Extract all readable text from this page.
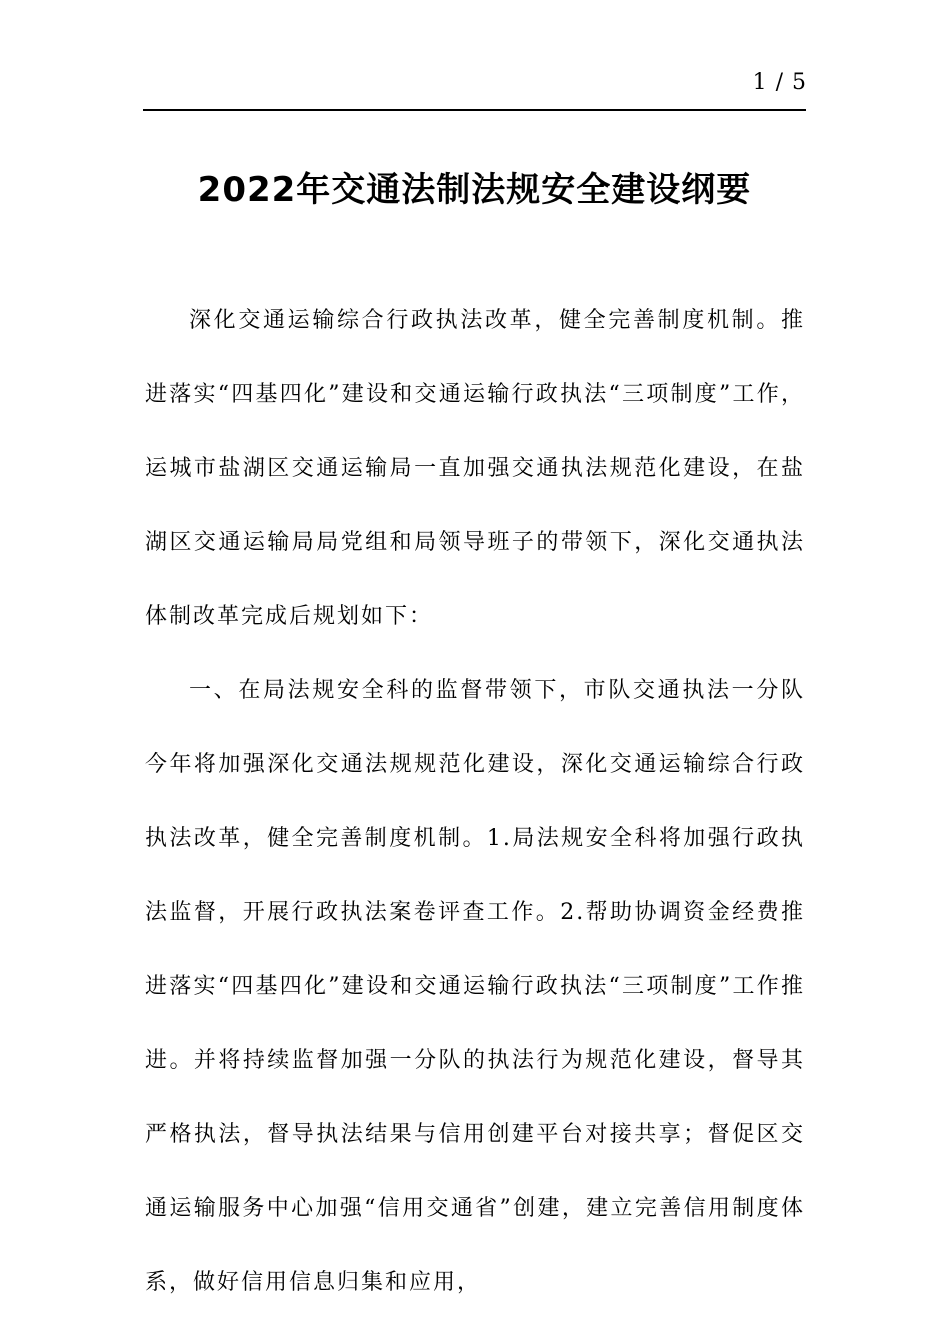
1 / 5
2022年交通法制法规安全建设纲要

深化交通运输综合行政执法改革，健全完善制度机制。推进落实“四基四化”建设和交通运输行政执法“三项制度”工作，运城市盐湖区交通运输局一直加强交通执法规范化建设，在盐湖区交通运输局局党组和局领导班子的带领下，深化交通执法体制改革完成后规划如下：

一、在局法规安全科的监督带领下，市队交通执法一分队今年将加强深化交通法规规范化建设，深化交通运输综合行政执法改革，健全完善制度机制。1.局法规安全科将加强行政执法监督，开展行政执法案卷评查工作。2.帮助协调资金经费推进落实“四基四化”建设和交通运输行政执法“三项制度”工作推进。并将持续监督加强一分队的执法行为规范化建设，督导其严格执法，督导执法结果与信用创建平台对接共享；督促区交通运输服务中心加强“信用交通省”创建，建立完善信用制度体系，做好信用信息归集和应用，
